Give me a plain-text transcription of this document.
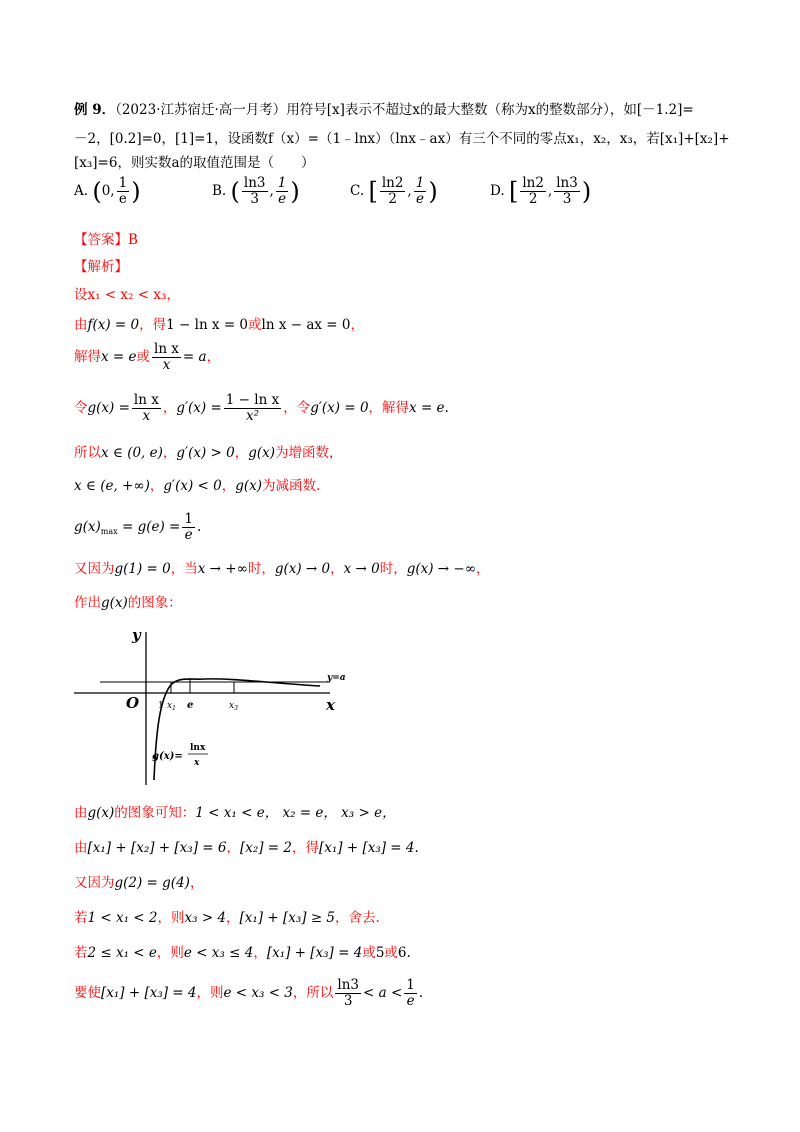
例 9．（2023·江苏宿迁·高一月考）用符号[x]表示不超过x的最大整数（称为x的整数部分），如[－1.2]=
－2，[0.2]=0，[1]=1，设函数f（x）=（1﹣lnx）（lnx﹣ax）有三个不同的零点x₁，x₂，x₃，若[x₁]+[x₂]+
[x₃]=6，则实数a的取值范围是（　　）
A. (0, $\frac{1}{e}$ )	B. ( $\frac{\ln 3}{3}$ , $\frac{1}{e}$ )	C. [ $\frac{\ln 2}{2}$ , $\frac{1}{e}$ )	D. [ $\frac{\ln 2}{2}$ , $\frac{\ln 3}{3}$ )
【答案】B
【解析】
设x₁ < x₂ < x₃，
由f(x) = 0，得1 − ln x = 0或ln x − ax = 0，
解得x = e或 $\frac{\text{ln x}}{x} = a$，
令$g(x) = \frac{\text{ln x}}{x}$ ，$g'(x) = \frac{\text{1 − ln x}}{\text{x²}}$ ，令g′(x) = 0，解得x = e.
所以x ∈ (0, e)，g′(x) > 0，g(x)为增函数，
x ∈ (e, +∞)，g′(x) < 0，g(x)为减函数.
$g(x)_{max} = g(e) = \frac{1}{e}$ .
又因为g(1) = 0，当x → +∞时，g(x) → 0，x → 0时，g(x) → −∞，
作出g(x)的图象：
y
x
O 1 $x_1$ e	$x_3$
y=a
g(x)=
lnx
x
由g(x)的图象可知：1 < x₁ < e， x₂ = e， x₃ > e，
由[x₁] + [x₂] + [x₃] = 6，[x₂] = 2，得[x₁] + [x₃] = 4.
又因为g(2) = g(4)，
若1 < x₁ < 2，则x₃ > 4，[x₁] + [x₃] ≥ 5，舍去.
若2 ≤ x₁ < e，则e < x₃ ≤ 4，[x₁] + [x₃] = 4或5或6.
要使[x₁] + [x₃] = 4，则e < x₃ < 3，所以 $\frac{\ln 3}{3} < a < \frac{1}{e}$ .
